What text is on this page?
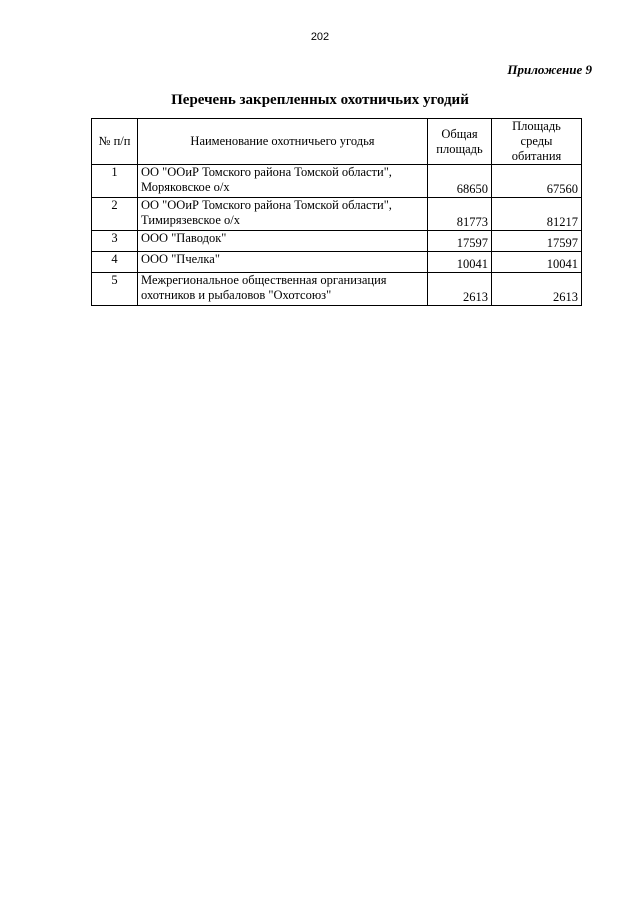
202
Приложение 9
Перечень закрепленных охотничьих угодий
№ п/п	Наименование охотничьего угодья	Общая площадь	Площадь среды обитания
1	ОО "ООиР Томского района Томской области", Моряковское о/х	68650	67560
2	ОО "ООиР Томского района Томской области", Тимирязевское о/х	81773	81217
3	ООО "Паводок"	17597	17597
4	ООО "Пчелка"	10041	10041
5	Межрегиональное общественная организация охотников и рыбаловов "Охотсоюз"	2613	2613
